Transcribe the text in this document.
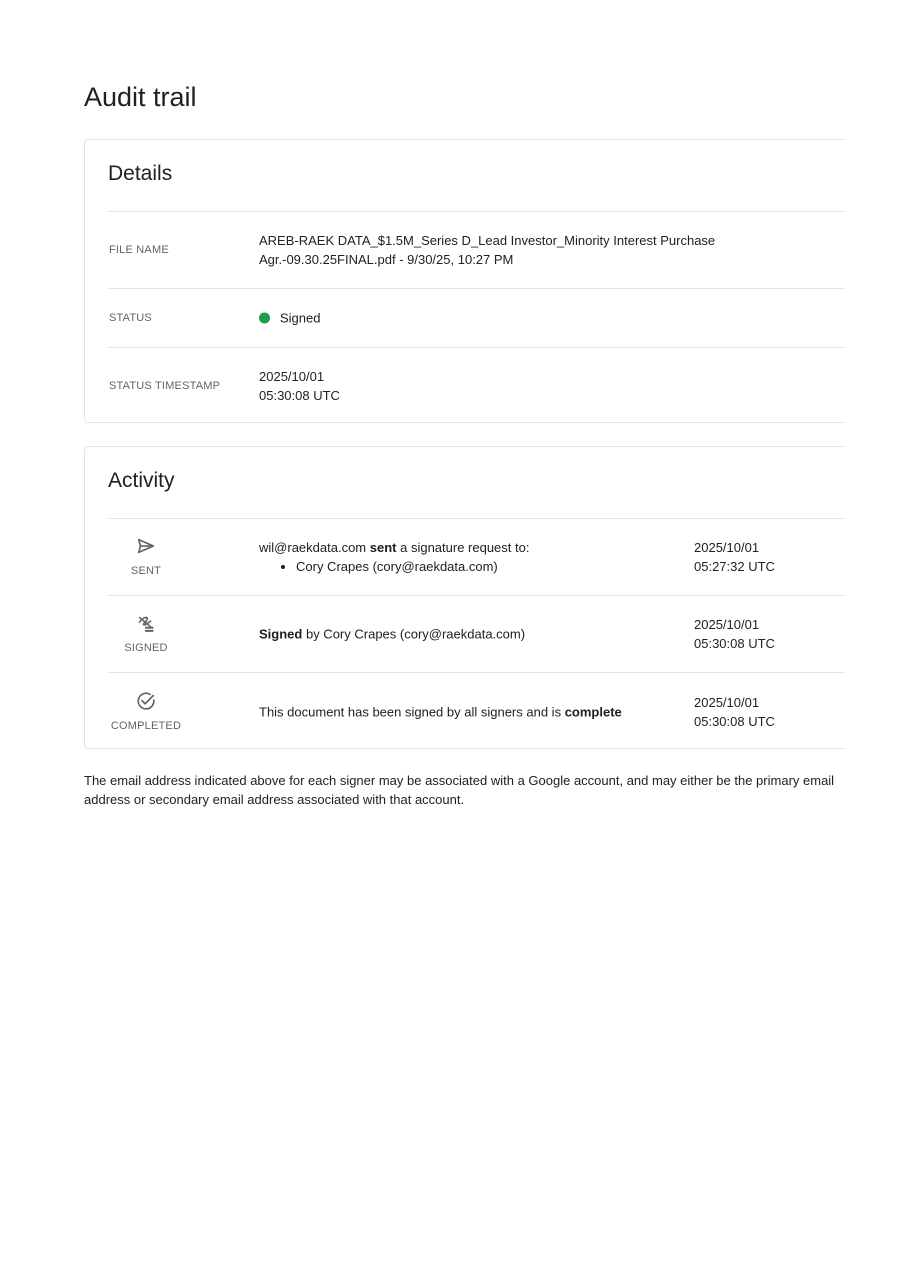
Audit trail
Details
FILE NAME
AREB-RAEK DATA_$1.5M_Series D_Lead Investor_Minority Interest Purchase Agr.-09.30.25FINAL.pdf - 9/30/25, 10:27 PM
STATUS	Signed
STATUS TIMESTAMP
2025/10/01
05:30:08 UTC
Activity
SENT
wil@raekdata.com sent a signature request to:
• Cory Crapes (cory@raekdata.com)
2025/10/01
05:27:32 UTC
SIGNED
Signed by Cory Crapes (cory@raekdata.com)
2025/10/01
05:30:08 UTC
COMPLETED
This document has been signed by all signers and is complete
2025/10/01
05:30:08 UTC

The email address indicated above for each signer may be associated with a Google account, and may either be the primary email address or secondary email address associated with that account.
